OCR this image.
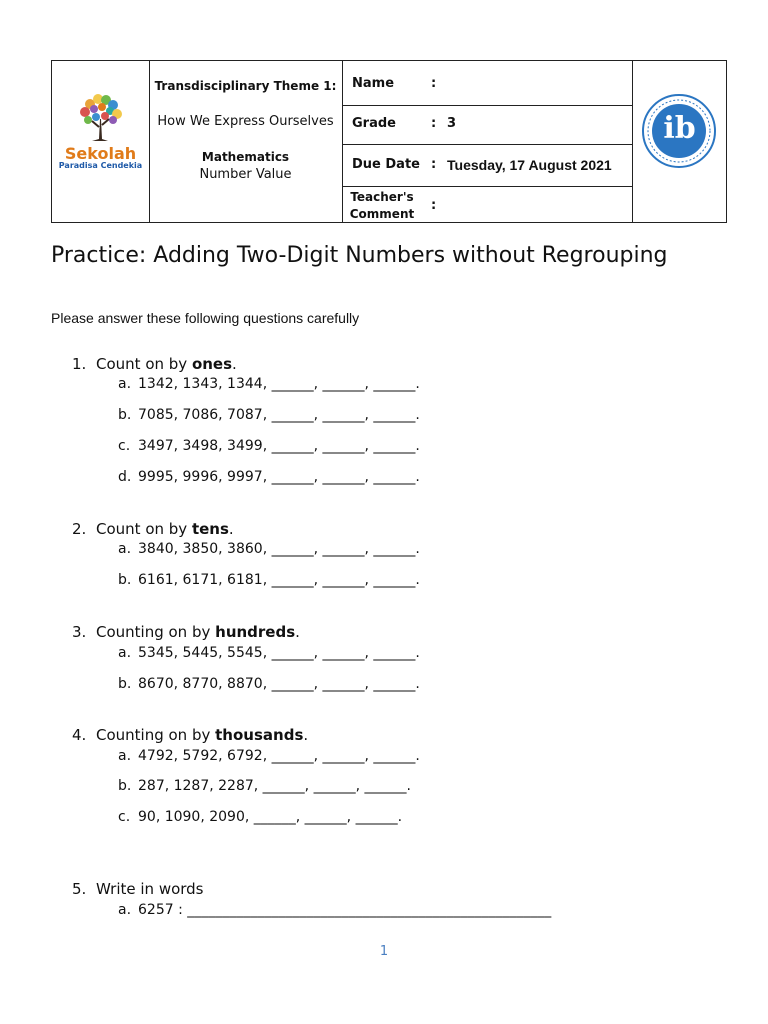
Sekolah
Paradisa Cendekia
Transdisciplinary Theme 1:
How We Express Ourselves
Mathematics
Number Value
Name	:
Grade	: 3
Due Date : Tuesday, 17 August 2021
Teacher's
Comment
:
ib
Practice: Adding Two-Digit Numbers without Regrouping
Please answer these following questions carefully
1. Count on by ones.
a. 1342, 1343, 1344, ______, ______, ______.
b. 7085, 7086, 7087, ______, ______, ______.
c. 3497, 3498, 3499, ______, ______, ______.
d. 9995, 9996, 9997, ______, ______, ______.
2. Count on by tens.
a. 3840, 3850, 3860, ______, ______, ______.
b. 6161, 6171, 6181, ______, ______, ______.
3. Counting on by hundreds.
a. 5345, 5445, 5545, ______, ______, ______.
b. 8670, 8770, 8870, ______, ______, ______.
4. Counting on by thousands.
a. 4792, 5792, 6792, ______, ______, ______.
b. 287, 1287, 2287, ______, ______, ______.
c. 90, 1090, 2090, ______, ______, ______.
5. Write in words
a. 6257 : ____________________________________________________
1
